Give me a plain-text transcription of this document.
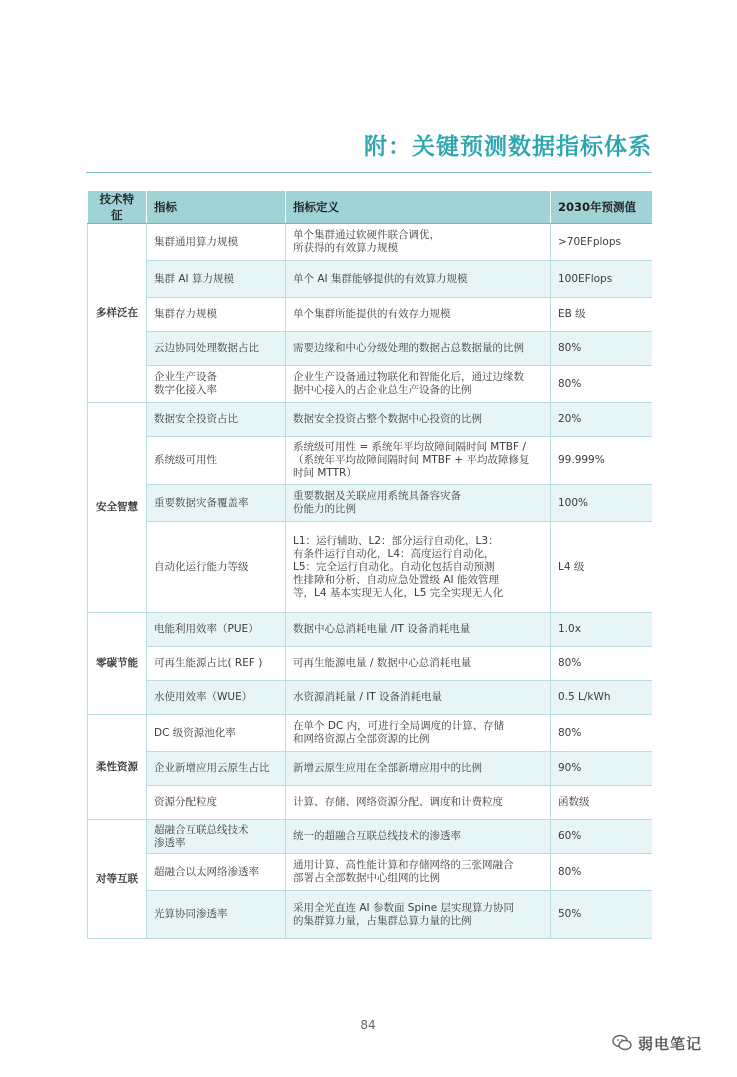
附：关键预测数据指标体系
技术特征	指标	指标定义	2030年预测值
多样泛在	集群通用算力规模	单个集群通过软硬件联合调优，
所获得的有效算力规模	>70EFplops
	集群 AI 算力规模	单个 AI 集群能够提供的有效算力规模	100EFlops
	集群存力规模	单个集群所能提供的有效存力规模	EB 级
	云边协同处理数据占比	需要边缘和中心分级处理的数据占总数据量的比例	80%
	企业生产设备
数字化接入率	企业生产设备通过物联化和智能化后，通过边缘数
据中心接入的占企业总生产设备的比例	80%
安全智慧	数据安全投资占比	数据安全投资占整个数据中心投资的比例	20%
	系统级可用性	系统级可用性 = 系统年平均故障间隔时间 MTBF /
（系统年平均故障间隔时间 MTBF + 平均故障修复
时间 MTTR）	99.999%
	重要数据灾备覆盖率	重要数据及关联应用系统具备容灾备
份能力的比例	100%
	自动化运行能力等级	L1：运行辅助、L2：部分运行自动化，L3：
有条件运行自动化，L4：高度运行自动化，
L5：完全运行自动化。自动化包括自动预测
性排障和分析、自动应急处置级 AI 能效管理
等，L4 基本实现无人化，L5 完全实现无人化	L4 级
零碳节能	电能利用效率（PUE）	数据中心总消耗电量 /IT 设备消耗电量	1.0x
	可再生能源占比( REF )	可再生能源电量 / 数据中心总消耗电量	80%
	水使用效率（WUE）	水资源消耗量 / IT 设备消耗电量	0.5 L/kWh
柔性资源	DC 级资源池化率	在单个 DC 内，可进行全局调度的计算、存储
和网络资源占全部资源的比例	80%
	企业新增应用云原生占比	新增云原生应用在全部新增应用中的比例	90%
	资源分配粒度	计算、存储、网络资源分配、调度和计费粒度	函数级
对等互联	超融合互联总线技术
渗透率	统一的超融合互联总线技术的渗透率	60%
	超融合以太网络渗透率	通用计算、高性能计算和存储网络的三张网融合
部署占全部数据中心组网的比例	80%
	光算协同渗透率	采用全光直连 AI 参数面 Spine 层实现算力协同
的集群算力量，占集群总算力量的比例	50%
84
弱电笔记
